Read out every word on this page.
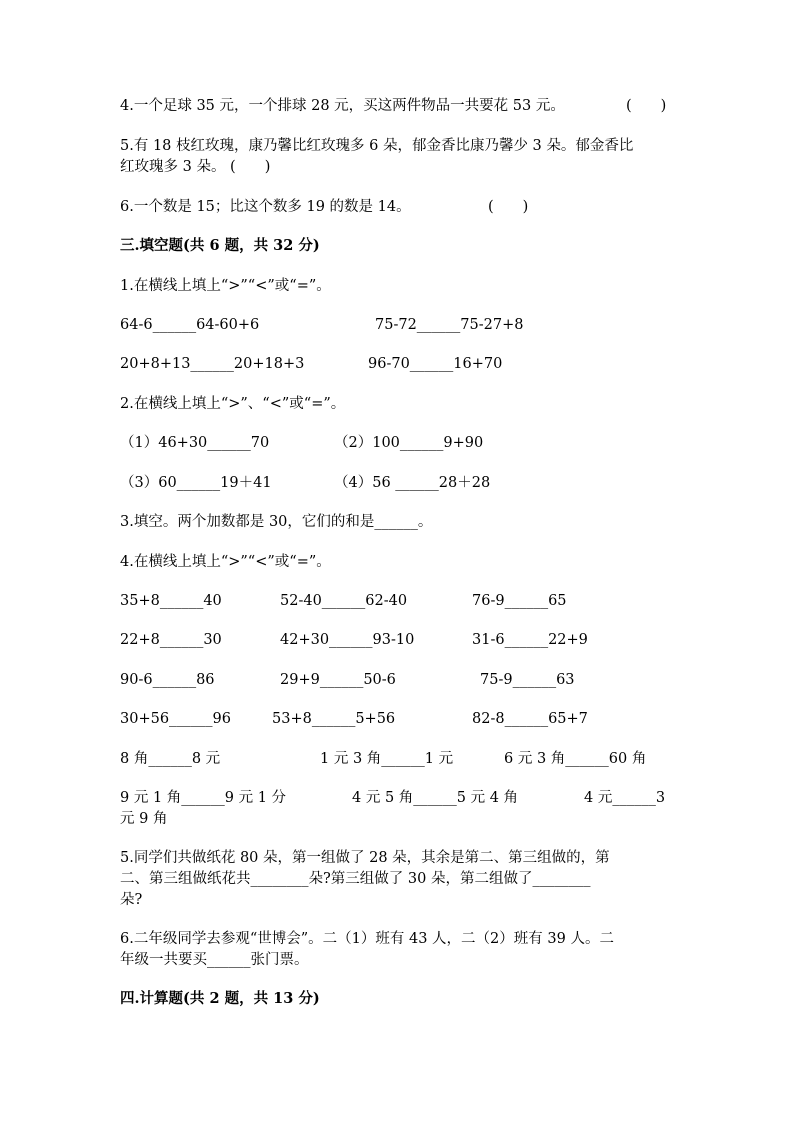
4.一个足球 35 元，一个排球 28 元，买这两件物品一共要花 53 元。	(　　)
5.有 18 枝红玫瑰，康乃馨比红玫瑰多 6 朵，郁金香比康乃馨少 3 朵。郁金香比
红玫瑰多 3 朵。 (　　)
6.一个数是 15；比这个数多 19 的数是 14。	(　　)
三.填空题(共 6 题，共 32 分)
1.在横线上填上“>”“<”或“=”。
64-6______64-60+6	75-72______75-27+8
20+8+13______20+18+3	96-70______16+70
2.在横线上填上“>”、“<”或“=”。
（1）46+30______70	（2）100______9+90
（3）60______19＋41	（4）56 ______28＋28
3.填空。两个加数都是 30，它们的和是______。
4.在横线上填上“>”“<”或“=”。
35+8______40	52-40______62-40	76-9______65
22+8______30	42+30______93-10	31-6______22+9
90-6______86	29+9______50-6	75-9______63
30+56______96	53+8______5+56	82-8______65+7
8 角______8 元	1 元 3 角______1 元	6 元 3 角______60 角
9 元 1 角______9 元 1 分	4 元 5 角______5 元 4 角	4 元______3
元 9 角
5.同学们共做纸花 80 朵，第一组做了 28 朵，其余是第二、第三组做的，第
二、第三组做纸花共________朵?第三组做了 30 朵，第二组做了________
朵?
6.二年级同学去参观“世博会”。二（1）班有 43 人，二（2）班有 39 人。二
年级一共要买______张门票。
四.计算题(共 2 题，共 13 分)
